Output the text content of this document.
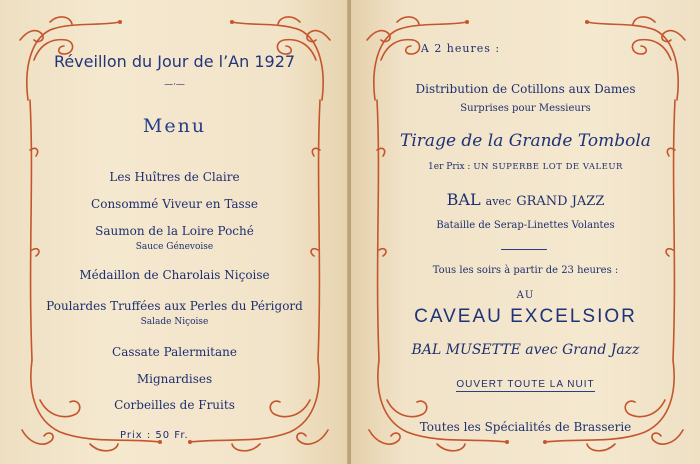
Réveillon du Jour de l’An 1927
—·—
Menu
Les Huîtres de Claire
Consommé Viveur en Tasse
Saumon de la Loire Poché
Sauce Génevoise
Médaillon de Charolais Niçoise
Poulardes Truffées aux Perles du Périgord
Salade Niçoise
Cassate Palermitane
Mignardises
Corbeilles de Fruits
Prix : 50 Fr.
A 2 heures :
Distribution de Cotillons aux Dames
Surprises pour Messieurs
Tirage de la Grande Tombola
1er Prix : UN SUPERBE LOT DE VALEUR
BAL avec GRAND JAZZ
Bataille de Serap-Linettes Volantes
Tous les soirs à partir de 23 heures :
AU
CAVEAU EXCELSIOR
BAL MUSETTE avec Grand Jazz
OUVERT TOUTE LA NUIT
Toutes les Spécialités de Brasserie
